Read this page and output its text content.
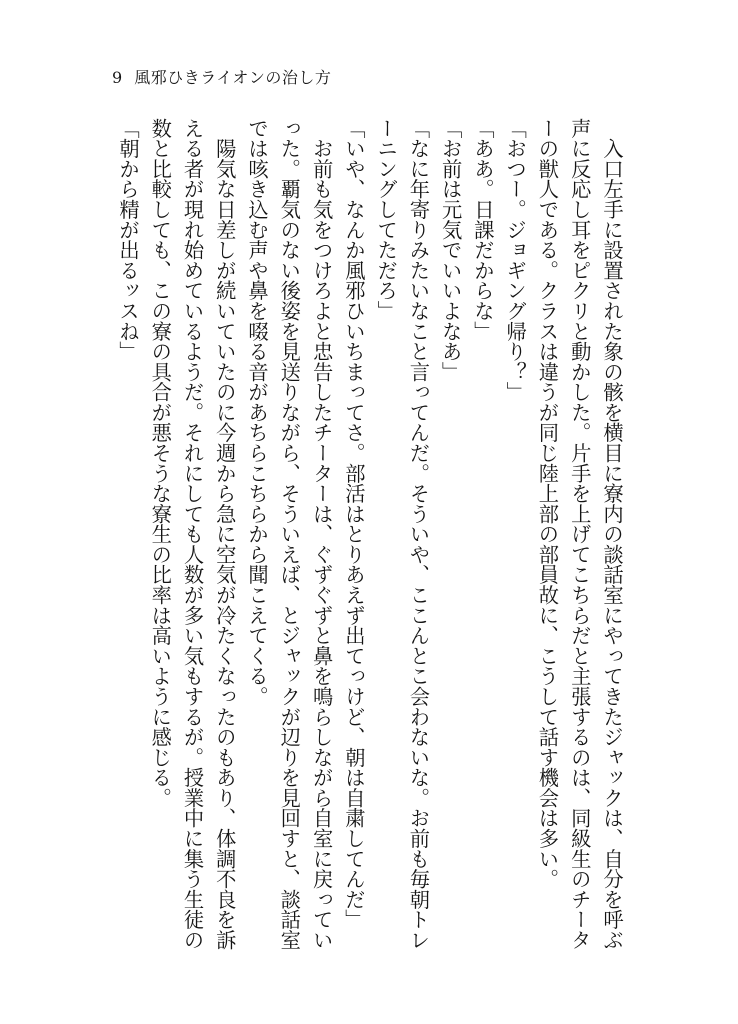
9 風邪ひきライオンの治し方
　入口左手に設置された象の骸を横目に寮内の談話室にやってきたジャックは、自分を呼ぶ
声に反応し耳をピクリと動かした。片手を上げてこちらだと主張するのは、同級生のチータ
ーの獣人である。クラスは違うが同じ陸上部の部員故に、こうして話す機会は多い。
「おつー。ジョギング帰り？」
「ああ。日課だからな」
「お前は元気でいいよなあ」
「なに年寄りみたいなこと言ってんだ。そういや、ここんとこ会わないな。お前も毎朝トレ
ーニングしてただろ」
「いや、なんか風邪ひいちまってさ。部活はとりあえず出てっけど、朝は自粛してんだ」
　お前も気をつけろよと忠告したチーターは、ぐずぐずと鼻を鳴らしながら自室に戻ってい
った。覇気のない後姿を見送りながら、そういえば、とジャックが辺りを見回すと、談話室
では咳き込む声や鼻を啜る音があちらこちらから聞こえてくる。
　陽気な日差しが続いていたのに今週から急に空気が冷たくなったのもあり、体調不良を訴
える者が現れ始めているようだ。それにしても人数が多い気もするが。授業中に集う生徒の
数と比較しても、この寮の具合が悪そうな寮生の比率は高いように感じる。
「朝から精が出るッスね」
